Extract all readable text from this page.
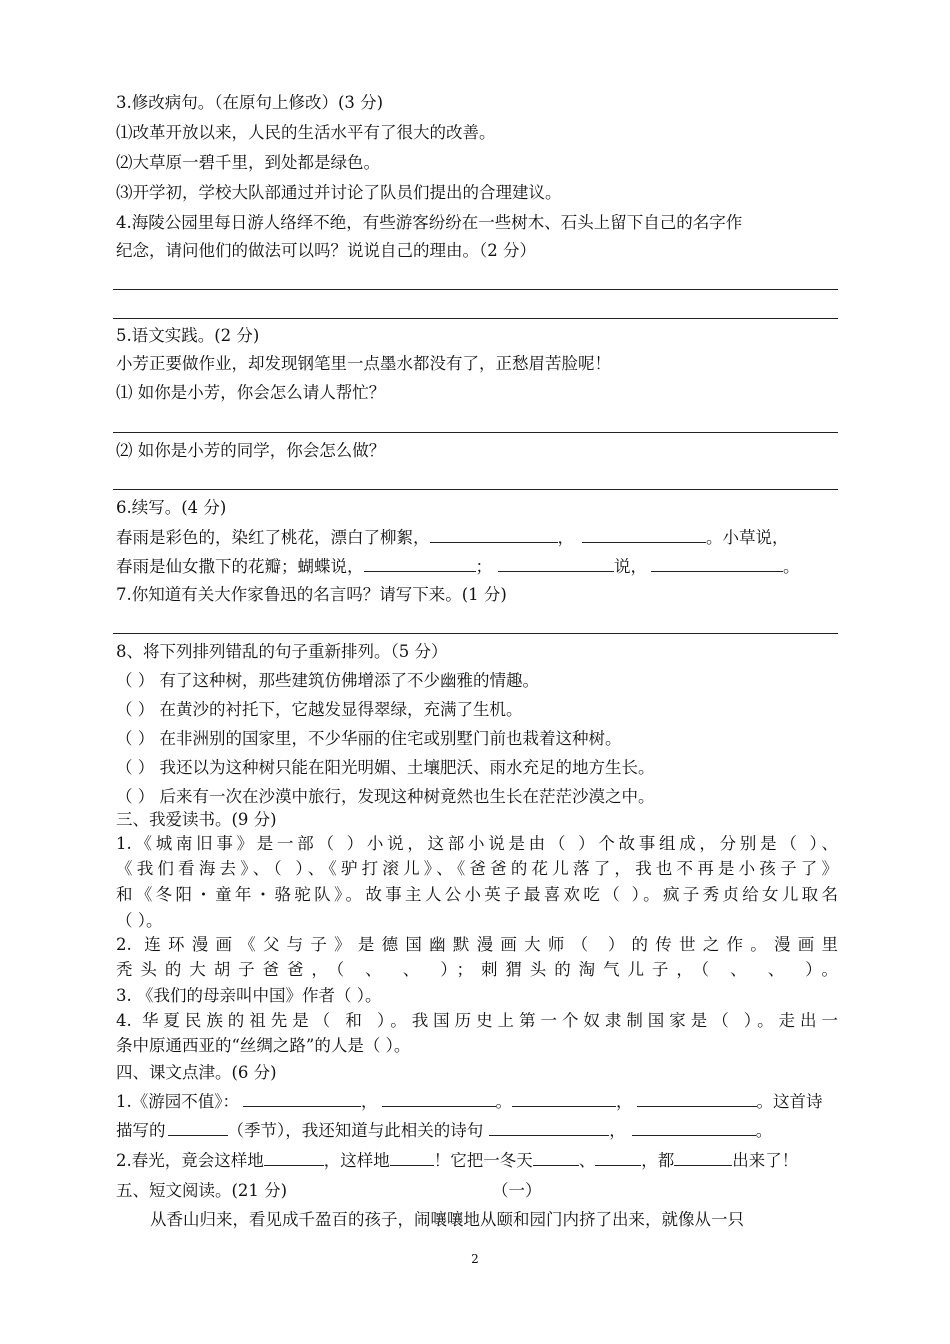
3.修改病句。（在原句上修改）(3 分)
⑴改革开放以来，人民的生活水平有了很大的改善。
⑵大草原一碧千里，到处都是绿色。
⑶开学初，学校大队部通过并讨论了队员们提出的合理建议。
4.海陵公园里每日游人络绎不绝，有些游客纷纷在一些树木、石头上留下自己的名字作
纪念，请问他们的做法可以吗？说说自己的理由。（2 分）
5.语文实践。(2 分)
小芳正要做作业，却发现钢笔里一点墨水都没有了，正愁眉苦脸呢！
⑴ 如你是小芳，你会怎么请人帮忙？
⑵ 如你是小芳的同学，你会怎么做？
6.续写。(4 分)
春雨是彩色的，染红了桃花，漂白了柳絮，	，	。小草说，
春雨是仙女撒下的花瓣；蝴蝶说，	；	说，	。
7.你知道有关大作家鲁迅的名言吗？请写下来。(1 分)
8、将下列排列错乱的句子重新排列。（5 分）
（ ） 有了这种树，那些建筑仿佛增添了不少幽雅的情趣。
（ ） 在黄沙的衬托下，它越发显得翠绿，充满了生机。
（ ） 在非洲别的国家里，不少华丽的住宅或别墅门前也栽着这种树。
（ ） 我还以为这种树只能在阳光明媚、土壤肥沃、雨水充足的地方生长。
（ ） 后来有一次在沙漠中旅行，发现这种树竟然也生长在茫茫沙漠之中。
三、我爱读书。(9 分)
1.《城南旧事》是一部（ ）小说，这部小说是由（ ）个故事组成，分别是（ ）、
《我们看海去》、（ ）、《驴打滚儿》、《爸爸的花儿落了，我也不再是小孩子了》
和《冬阳・童年・骆驼队》。故事主人公小英子最喜欢吃（ ）。疯子秀贞给女儿取名
（ ）。
2. 连环漫画《父与子》是德国幽默漫画大师（ ）的传世之作。漫画里
秃头的大胡子爸爸，（ 、 、 ）；刺猬头的淘气儿子，（ 、 、 ）。
3. 《我们的母亲叫中国》作者（ ）。
4. 华夏民族的祖先是（ 和 ）。我国历史上第一个奴隶制国家是（ ）。走出一
条中原通西亚的“丝绸之路”的人是（ ）。
四、课文点津。(6 分)
1.《游园不值》：	，	。	，	。这首诗
描写的	（季节），我还知道与此相关的诗句	，	。
2.春光，竟会这样地	，这样地	！它把一冬天	、	，都	出来了！
五、短文阅读。(21 分)	（一）
从香山归来，看见成千盈百的孩子，闹嚷嚷地从颐和园门内挤了出来，就像从一只
2
